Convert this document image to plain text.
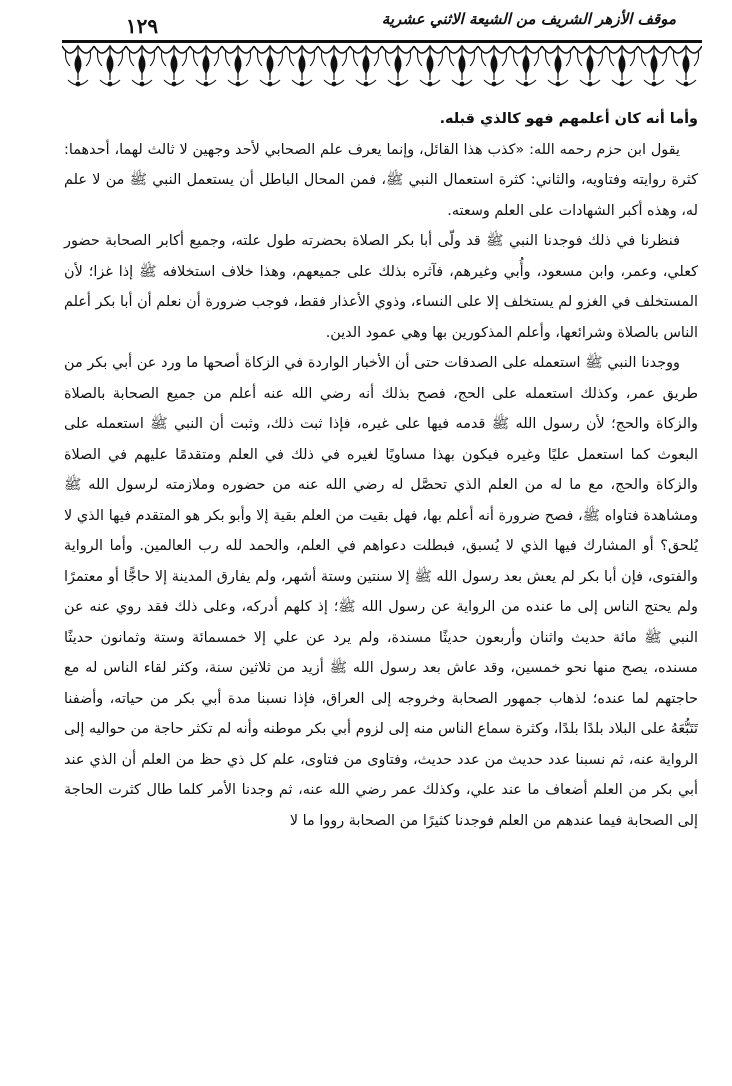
١٢٩	موقف الأزهر الشريف من الشيعة الاثني عشرية

وأما أنه كان أعلمهم فهو كالذي قبله.

يقول ابن حزم رحمه الله: «كذب هذا القائل، وإنما يعرف علم الصحابي لأحد وجهين لا ثالث لهما، أحدهما: كثرة روايته وفتاويه، والثاني: كثرة استعمال النبي ﷺ، فمن المحال الباطل أن يستعمل النبي ﷺ من لا علم له، وهذه أكبر الشهادات على العلم وسعته.

فنظرنا في ذلك فوجدنا النبي ﷺ قد ولّى أبا بكر الصلاة بحضرته طول علته، وجميع أكابر الصحابة حضور كعلي، وعمر، وابن مسعود، وأُبي وغيرهم، فآثره بذلك على جميعهم، وهذا خلاف استخلافه ﷺ إذا غزا؛ لأن المستخلف في الغزو لم يستخلف إلا على النساء، وذوي الأعذار فقط، فوجب ضرورة أن نعلم أن أبا بكر أعلم الناس بالصلاة وشرائعها، وأعلم المذكورين بها وهي عمود الدين.

ووجدنا النبي ﷺ استعمله على الصدقات حتى أن الأخبار الواردة في الزكاة أصحها ما ورد عن أبي بكر من طريق عمر، وكذلك استعمله على الحج، فصح بذلك أنه رضي الله عنه أعلم من جميع الصحابة بالصلاة والزكاة والحج؛ لأن رسول الله ﷺ قدمه فيها على غيره، فإذا ثبت ذلك، وثبت أن النبي ﷺ استعمله على البعوث كما استعمل عليًا وغيره فيكون بهذا مساويًا لغيره في ذلك في العلم ومتقدمًا عليهم في الصلاة والزكاة والحج، مع ما له من العلم الذي تحصَّل له رضي الله عنه من حضوره وملازمته لرسول الله ﷺ ومشاهدة فتاواه ﷺ، فصح ضرورة أنه أعلم بها، فهل بقيت من العلم بقية إلا وأبو بكر هو المتقدم فيها الذي لا يُلحق؟ أو المشارك فيها الذي لا يُسبق، فبطلت دعواهم في العلم، والحمد لله رب العالمين. وأما الرواية والفتوى، فإن أبا بكر لم يعش بعد رسول الله ﷺ إلا سنتين وستة أشهر، ولم يفارق المدينة إلا حاجًّا أو معتمرًا ولم يحتج الناس إلى ما عنده من الرواية عن رسول الله ﷺ؛ إذ كلهم أدركه، وعلى ذلك فقد روي عنه عن النبي ﷺ مائة حديث واثنان وأربعون حديثًا مسندة، ولم يرد عن علي إلا خمسمائة وستة وثمانون حديثًا مسنده، يصح منها نحو خمسين، وقد عاش بعد رسول الله ﷺ أزيد من ثلاثين سنة، وكثر لقاء الناس له مع حاجتهم لما عنده؛ لذهاب جمهور الصحابة وخروجه إلى العراق، فإذا نسبنا مدة أبي بكر من حياته، وأضفنا تَتَبُّعَهُ على البلاد بلدًا بلدًا، وكثرة سماع الناس منه إلى لزوم أبي بكر موطنه وأنه لم تكثر حاجة من حواليه إلى الرواية عنه، ثم نسبنا عدد حديث من عدد حديث، وفتاوى من فتاوى، علم كل ذي حظ من العلم أن الذي عند أبي بكر من العلم أضعاف ما عند علي، وكذلك عمر رضي الله عنه، ثم وجدنا الأمر كلما طال كثرت الحاجة إلى الصحابة فيما عندهم من العلم فوجدنا كثيرًا من الصحابة رووا ما لا
